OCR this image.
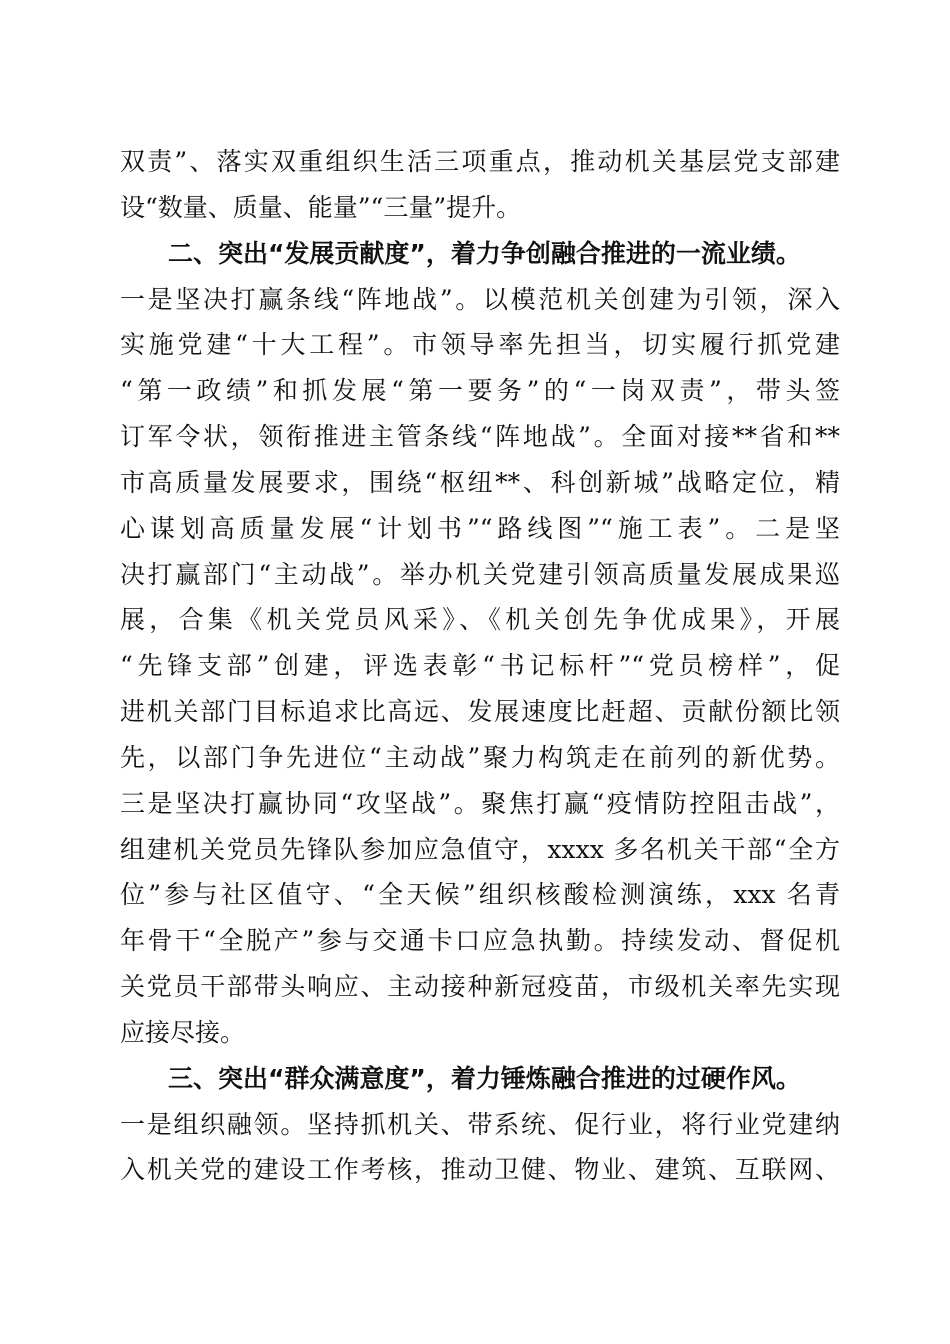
双责”、落实双重组织生活三项重点，推动机关基层党支部建
设“数量、质量、能量”“三量”提升。
二、突出“发展贡献度”，着力争创融合推进的一流业绩。
一是坚决打赢条线“阵地战”。以模范机关创建为引领，深入
实施党建“十大工程”。市领导率先担当，切实履行抓党建
“第一政绩”和抓发展“第一要务”的“一岗双责”，带头签
订军令状，领衔推进主管条线“阵地战”。全面对接**省和**
市高质量发展要求，围绕“枢纽**、科创新城”战略定位，精
心谋划高质量发展“计划书”“路线图”“施工表”。二是坚
决打赢部门“主动战”。举办机关党建引领高质量发展成果巡
展，合集《机关党员风采》、《机关创先争优成果》，开展
“先锋支部”创建，评选表彰“书记标杆”“党员榜样”，促
进机关部门目标追求比高远、发展速度比赶超、贡献份额比领
先，以部门争先进位“主动战”聚力构筑走在前列的新优势。
三是坚决打赢协同“攻坚战”。聚焦打赢“疫情防控阻击战”，
组建机关党员先锋队参加应急值守，xxxx 多名机关干部“全方
位”参与社区值守、“全天候”组织核酸检测演练，xxx 名青
年骨干“全脱产”参与交通卡口应急执勤。持续发动、督促机
关党员干部带头响应、主动接种新冠疫苗，市级机关率先实现
应接尽接。
三、突出“群众满意度”，着力锤炼融合推进的过硬作风。
一是组织融领。坚持抓机关、带系统、促行业，将行业党建纳
入机关党的建设工作考核，推动卫健、物业、建筑、互联网、
